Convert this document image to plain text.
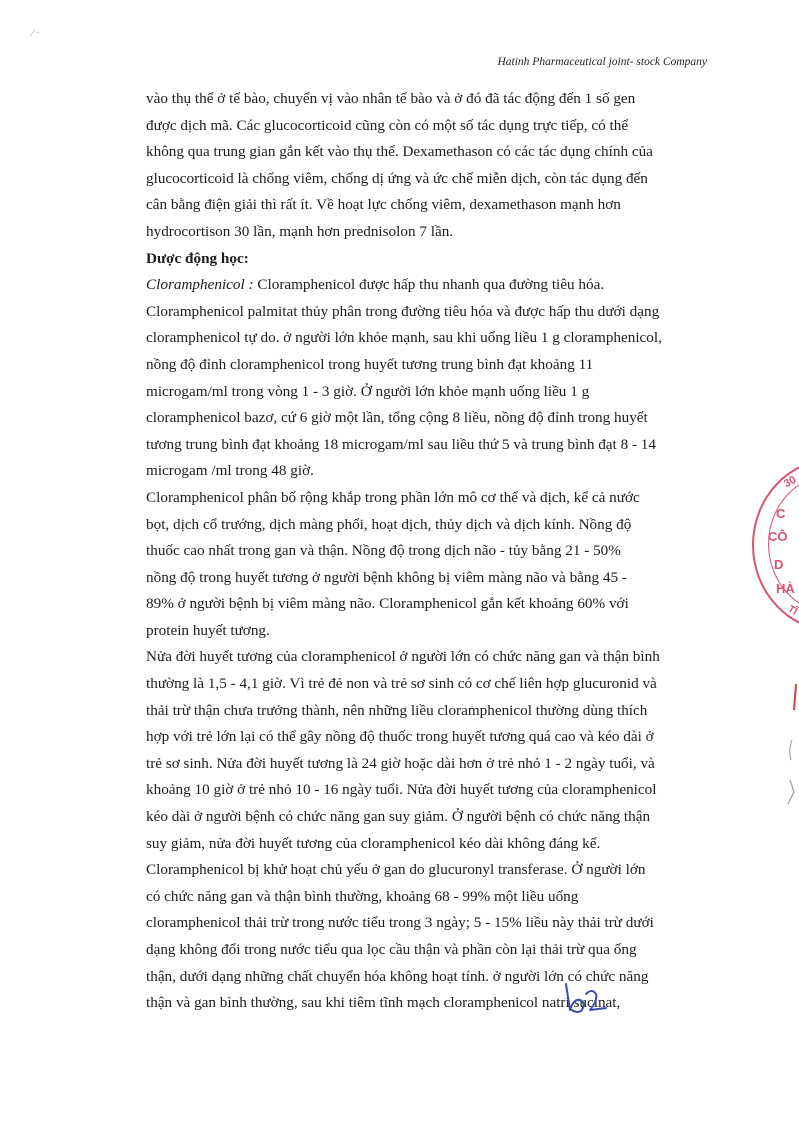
⁄ ·
Hatinh Pharmaceutical joint- stock Company
vào thụ thể ở tế bào, chuyển vị vào nhân tế bào và ở đó đã tác động đến 1 số gen
được dịch mã. Các glucocorticoid cũng còn có một số tác dụng trực tiếp, có thể
không qua trung gian gắn kết vào thụ thể. Dexamethason có các tác dụng chính của
glucocorticoid là chống viêm, chống dị ứng và ức chế miễn dịch, còn tác dụng đến
cân bằng điện giải thì rất ít. Về hoạt lực chống viêm, dexamethason mạnh hơn
hydrocortison 30 lần, mạnh hơn prednisolon 7 lần.
Dược động học:
Cloramphenicol : Cloramphenicol được hấp thu nhanh qua đường tiêu hóa.
Cloramphenicol palmitat thủy phân trong đường tiêu hóa và được hấp thu dưới dạng
cloramphenicol tự do. ở người lớn khỏe mạnh, sau khi uống liều 1 g cloramphenicol,
nồng độ đỉnh cloramphenicol trong huyết tương trung bình đạt khoảng 11
microgam/ml trong vòng 1 - 3 giờ. Ở người lớn khỏe mạnh uống liều 1 g
cloramphenicol bazơ, cứ 6 giờ một lần, tổng cộng 8 liều, nồng độ đỉnh trong huyết
tương trung bình đạt khoảng 18 microgam/ml sau liều thứ 5 và trung bình đạt 8 - 14
microgam /ml trong 48 giờ.
Cloramphenicol phân bố rộng khắp trong phần lớn mô cơ thể và dịch, kể cả nước
bọt, dịch cổ trướng, dịch màng phổi, hoạt dịch, thủy dịch và dịch kính. Nồng độ
thuốc cao nhất trong gan và thận. Nồng độ trong dịch não - tủy bằng 21 - 50%
nồng độ trong huyết tương ở người bệnh không bị viêm màng não và bằng 45 -
89% ở người bệnh bị viêm màng não. Cloramphenicol gắn kết khoảng 60% với
protein huyết tương.
Nửa đời huyết tương của cloramphenicol ở người lớn có chức năng gan và thận bình
thường là 1,5 - 4,1 giờ. Vì trẻ đẻ non và trẻ sơ sinh có cơ chế liên hợp glucuronid và
thải trừ thận chưa trưởng thành, nên những liều cloramphenicol thường dùng thích
hợp với trẻ lớn lại có thể gây nồng độ thuốc trong huyết tương quá cao và kéo dài ở
trẻ sơ sinh. Nửa đời huyết tương là 24 giờ hoặc dài hơn ở trẻ nhỏ 1 - 2 ngày tuổi, và
khoảng 10 giờ ở trẻ nhỏ 10 - 16 ngày tuổi. Nửa đời huyết tương của cloramphenicol
kéo dài ở người bệnh có chức năng gan suy giảm. Ở người bệnh có chức năng thận
suy giảm, nửa đời huyết tương của cloramphenicol kéo dài không đáng kể.
Cloramphenicol bị khử hoạt chủ yếu ở gan do glucuronyl transferase. Ở người lớn
có chức năng gan và thận bình thường, khoảng 68 - 99% một liều uống
cloramphenicol thải trừ trong nước tiểu trong 3 ngày; 5 - 15% liều này thải trừ dưới
dạng không đổi trong nước tiểu qua lọc cầu thận và phần còn lại thải trừ qua ống
thận, dưới dạng những chất chuyển hóa không hoạt tính. ở người lớn có chức năng
thận và gan bình thường, sau khi tiêm tĩnh mạch cloramphenicol natri sucinat,
30
C
CÔ
D
HÀ
TĨ
